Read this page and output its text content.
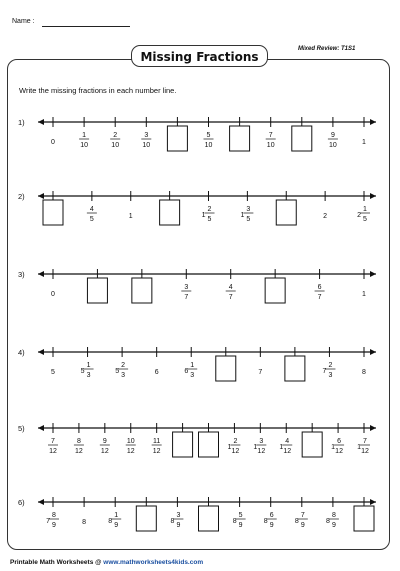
Name :
Missing Fractions
Mixed Review: T1S1
Write the missing fractions in each number line.
1)
0
1
10
2
10
3
10
5
10
7
10
9
10	1
2)
4
5	1	1
2
5
1
3
5	2	2
1
5
3)
0
3
7
4
7
6
7	1
4)
5	5
1
3
5
2
3	6	6
1
3	7	7
2
3	8
5)
7
12
8
12
9
12
10
12
11
12
1
2
12
1
3
12
1
4
12
1
6
12
1
7
12
6)
7
8
9	8	8
1
9
8
3
9
8
5
9
8
6
9
8
7
9
8
8
9
Printable Math Worksheets @ www.mathworksheets4kids.com
